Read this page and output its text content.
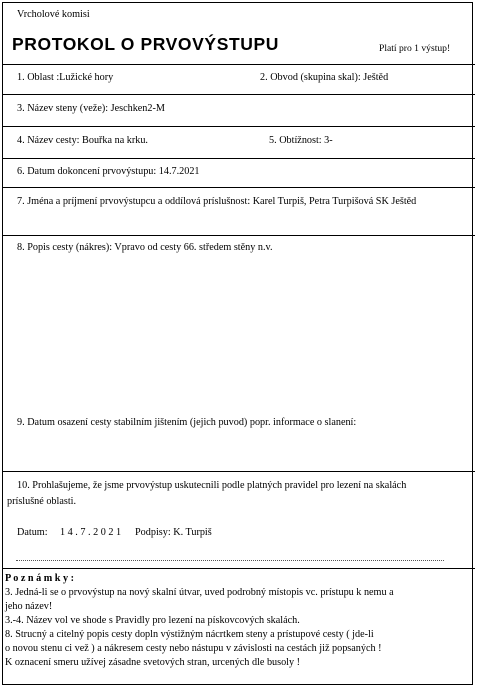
Vrcholové komisi
PROTOKOL O PRVOVÝSTUPU	Platí pro 1 výstup!
1. Oblast :Lužické hory	2. Obvod (skupina skal): Ještěd
3. Název steny (veže): Jeschken2-M
4. Název cesty: Bouřka na krku.	5. Obtížnost: 3-
6. Datum dokoncení prvovýstupu: 14.7.2021
7. Jména a príjmení prvovýstupcu a oddílová príslušnost: Karel Turpiš, Petra Turpišová SK Ještěd
8. Popis cesty (nákres): Vpravo od cesty 66. středem stěny n.v.
9. Datum osazení cesty stabilním jištením (jejich puvod) popr. informace o slanení:
10. Prohlašujeme, že jsme prvovýstup uskutecnili podle platných pravidel pro lezení na skalách
príslušné oblasti.
Datum: 1 4 . 7 . 2 0 2 1 Podpisy: K. Turpiš
P o z n á m k y :
3. Jedná-li se o prvovýstup na nový skalní útvar, uved podrobný místopis vc. prístupu k nemu a
jeho název!
3.-4. Název vol ve shode s Pravidly pro lezení na pískovcových skalách.
8. Strucný a citelný popis cesty dopln výstižným nácrtkem steny a prístupové cesty ( jde-li
o novou stenu ci vež ) a nákresem cesty nebo nástupu v závislosti na cestách již popsaných !
K oznacení smeru užívej zásadne svetových stran, urcených dle busoly !
